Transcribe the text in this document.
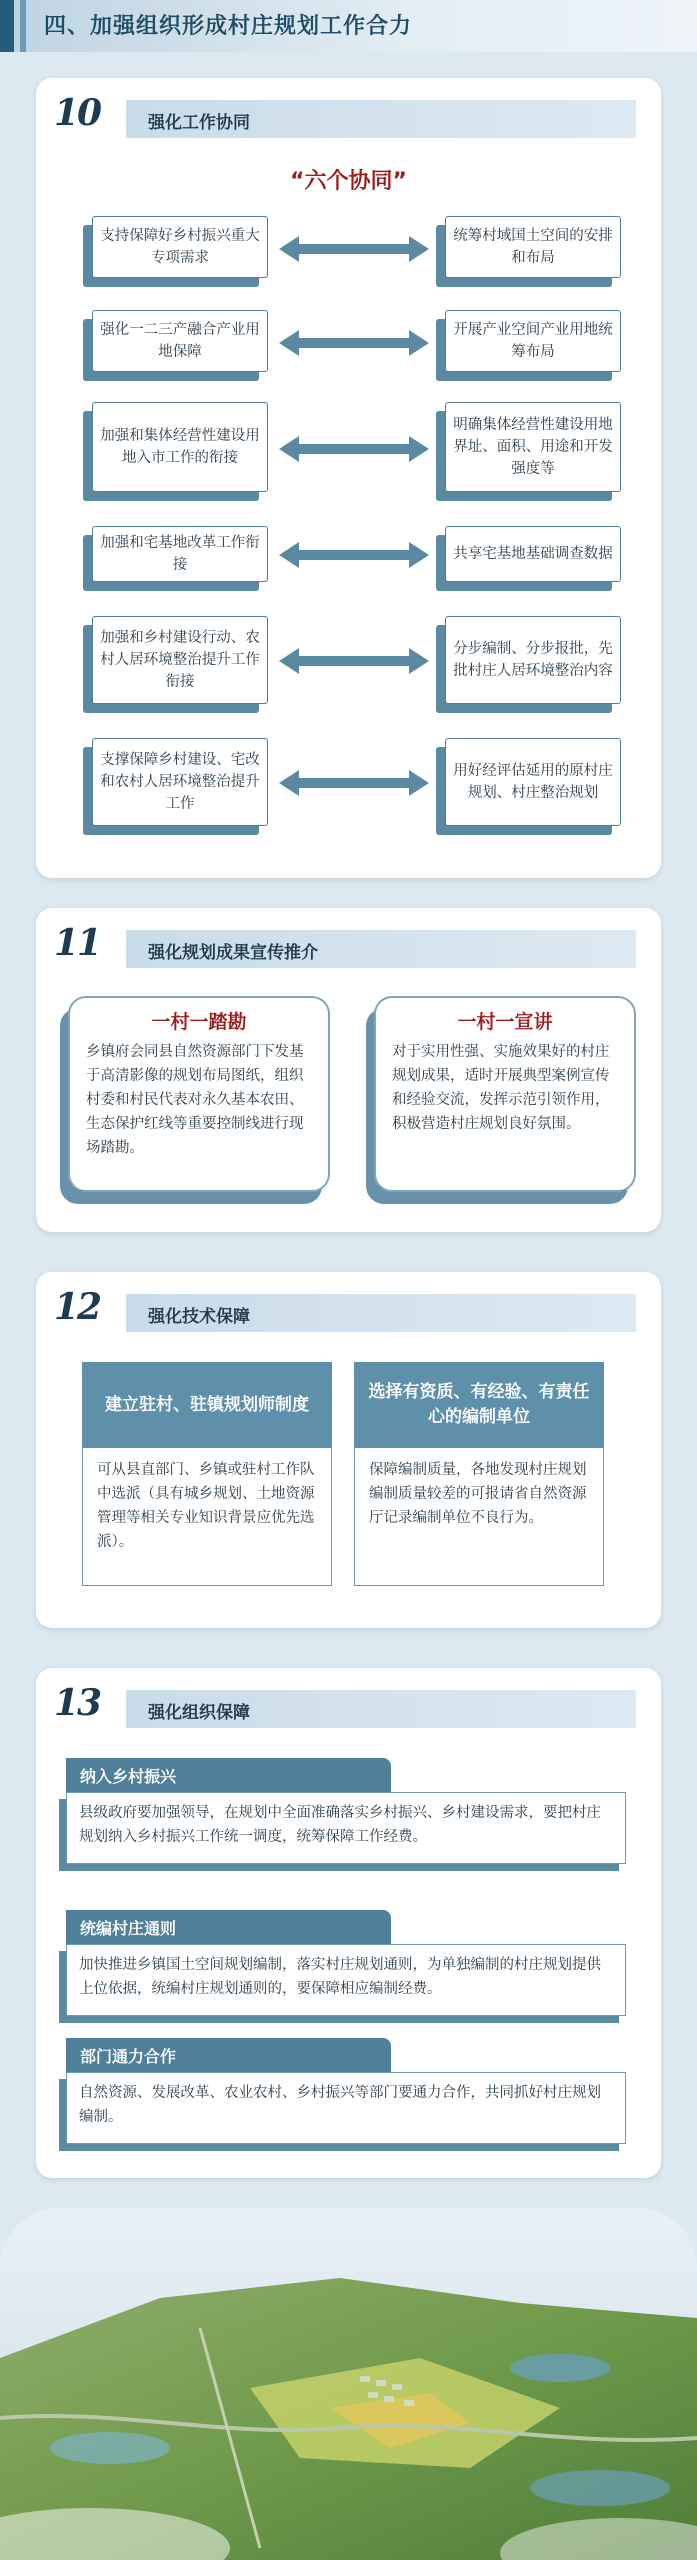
四、加强组织形成村庄规划工作合力
10	强化工作协同
“六个协同”
支持保障好乡村振兴重大专项需求
统筹村域国土空间的安排和布局
强化一二三产融合产业用地保障
开展产业空间产业用地统筹布局
加强和集体经营性建设用地入市工作的衔接
明确集体经营性建设用地界址、面积、用途和开发强度等
加强和宅基地改革工作衔接
共享宅基地基础调查数据
加强和乡村建设行动、农村人居环境整治提升工作衔接
分步编制、分步报批，先批村庄人居环境整治内容
支撑保障乡村建设、宅改和农村人居环境整治提升工作
用好经评估延用的原村庄规划、村庄整治规划
11	强化规划成果宣传推介
一村一踏勘
乡镇府会同县自然资源部门下发基于高清影像的规划布局图纸，组织村委和村民代表对永久基本农田、生态保护红线等重要控制线进行现场踏勘。
一村一宣讲
对于实用性强、实施效果好的村庄规划成果，适时开展典型案例宣传和经验交流，发挥示范引领作用，积极营造村庄规划良好氛围。
12	强化技术保障
建立驻村、驻镇规划师制度
可从县直部门、乡镇或驻村工作队中选派（具有城乡规划、土地资源管理等相关专业知识背景应优先选派）。
选择有资质、有经验、有责任心的编制单位
保障编制质量，各地发现村庄规划编制质量较差的可报请省自然资源厅记录编制单位不良行为。
13	强化组织保障
纳入乡村振兴
县级政府要加强领导，在规划中全面准确落实乡村振兴、乡村建设需求，要把村庄规划纳入乡村振兴工作统一调度，统筹保障工作经费。
统编村庄通则
加快推进乡镇国土空间规划编制，落实村庄规划通则，为单独编制的村庄规划提供上位依据，统编村庄规划通则的，要保障相应编制经费。
部门通力合作
自然资源、发展改革、农业农村、乡村振兴等部门要通力合作，共同抓好村庄规划编制。
